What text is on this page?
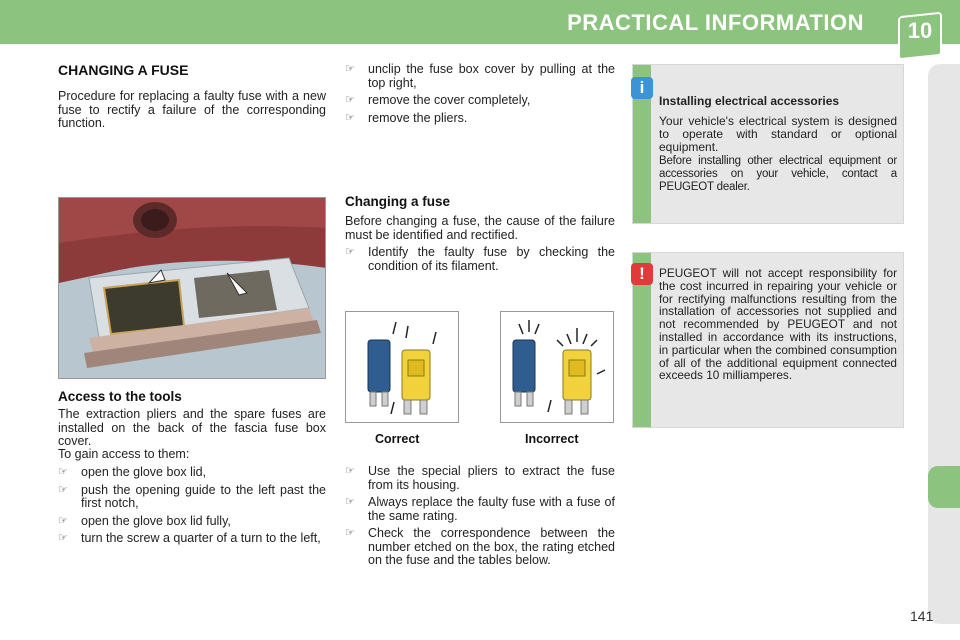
PRACTICAL INFORMATION 10
CHANGING A FUSE
Procedure for replacing a faulty fuse with a new fuse to rectify a failure of the corresponding function.
Access to the tools
The extraction pliers and the spare fuses are installed on the back of the fascia fuse box cover.
To gain access to them:
☞ open the glove box lid,
☞ push the opening guide to the left past the first notch,
☞ open the glove box lid fully,
☞ turn the screw a quarter of a turn to the left,
☞ unclip the fuse box cover by pulling at the top right,
☞ remove the cover completely,
☞ remove the pliers.
Changing a fuse
Before changing a fuse, the cause of the failure must be identified and rectified.
☞ Identify the faulty fuse by checking the condition of its filament.
Correct	Incorrect
☞ Use the special pliers to extract the fuse from its housing.
☞ Always replace the faulty fuse with a fuse of the same rating.
☞ Check the correspondence between the number etched on the box, the rating etched on the fuse and the tables below.
i
Installing electrical accessories
Your vehicle's electrical system is designed to operate with standard or optional equipment.
Before installing other electrical equipment or accessories on your vehicle, contact a PEUGEOT dealer.
!	PEUGEOT will not accept responsibility for the cost incurred in repairing your vehicle or for rectifying malfunctions resulting from the installation of accessories not supplied and not recommended by PEUGEOT and not installed in accordance with its instructions, in particular when the combined consumption of all of the additional equipment connected exceeds 10 milliamperes.
141
